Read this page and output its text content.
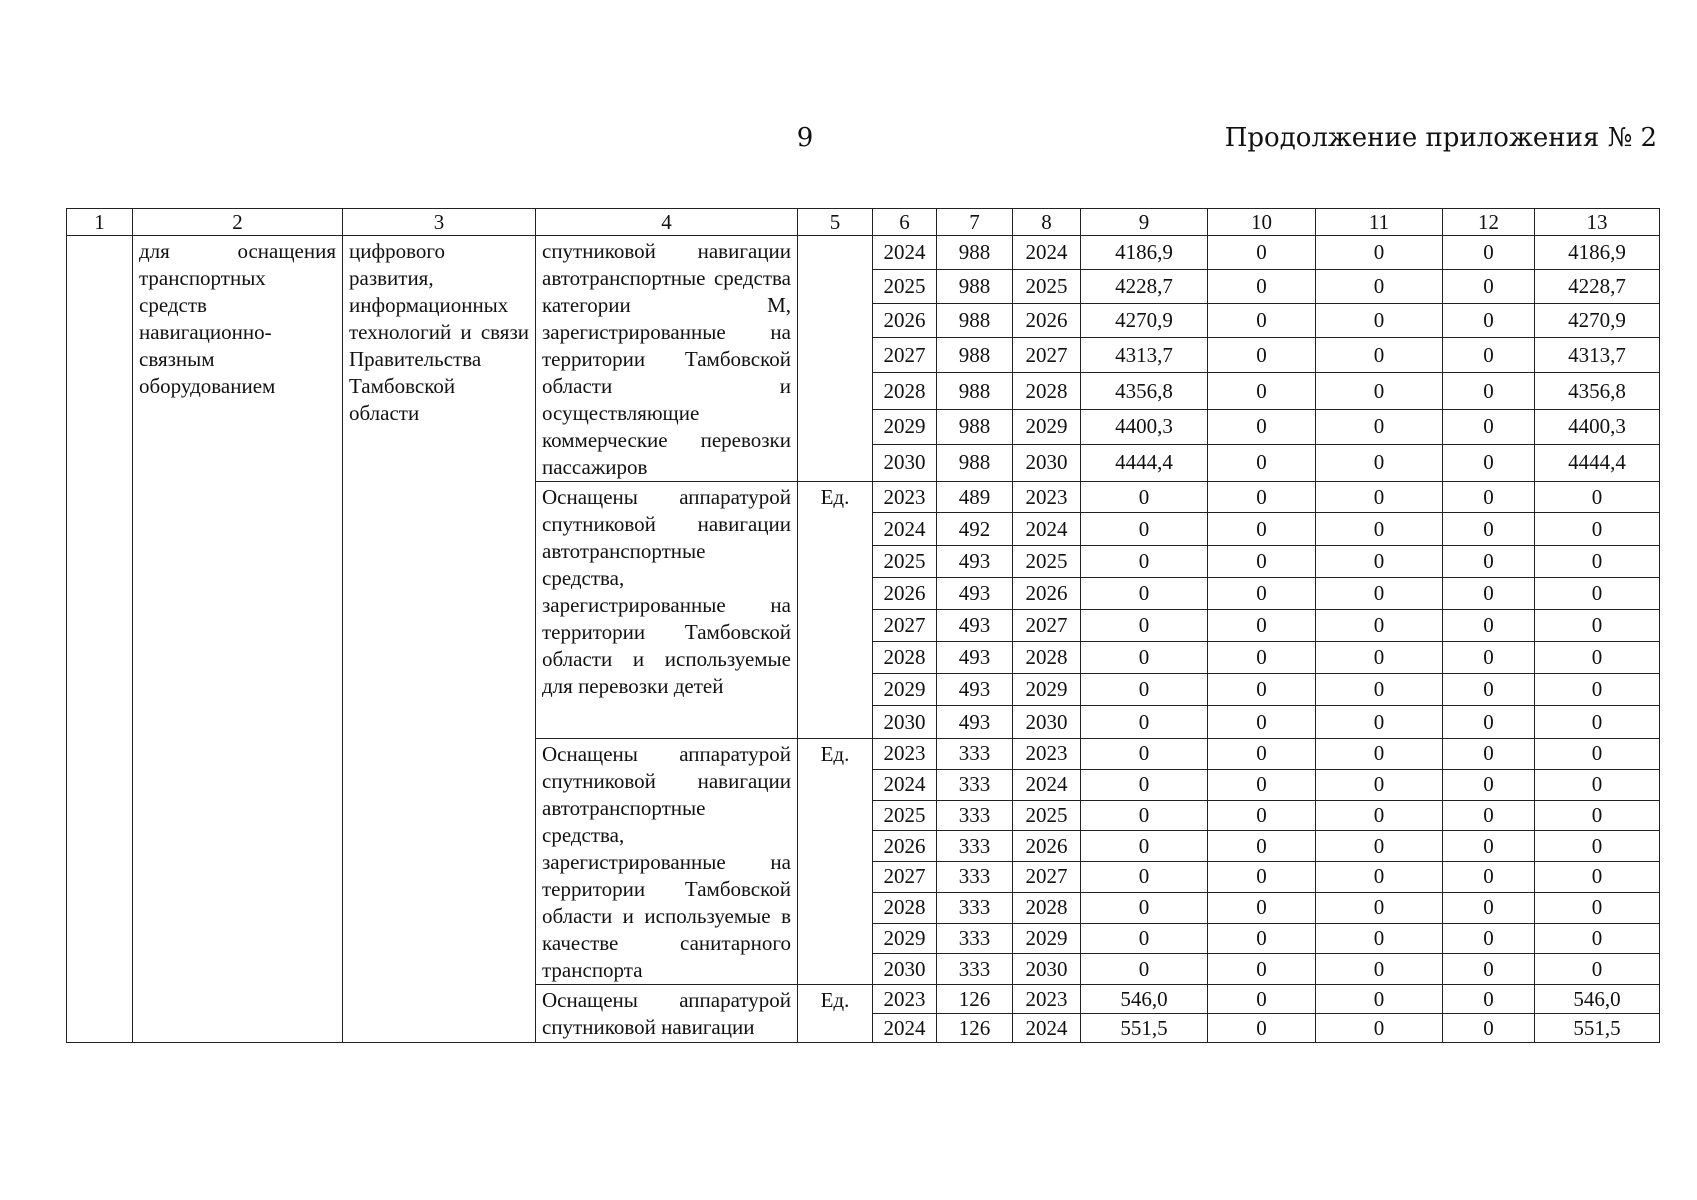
9	Продолжение приложения № 2
1	2	3	4	5	6	7	8	9	10	11	12	13
	для оснащения транспортных средств навигационно-связным оборудованием	цифрового развития, информационных технологий и связи Правительства Тамбовской области	спутниковой навигации автотранспортные средства категории М, зарегистрированные на территории Тамбовской области и осуществляющие коммерческие перевозки пассажиров		2024	988	2024	4186,9	0	0	0	4186,9
					2025	988	2025	4228,7	0	0	0	4228,7
					2026	988	2026	4270,9	0	0	0	4270,9
					2027	988	2027	4313,7	0	0	0	4313,7
					2028	988	2028	4356,8	0	0	0	4356,8
					2029	988	2029	4400,3	0	0	0	4400,3
					2030	988	2030	4444,4	0	0	0	4444,4
			Оснащены аппаратурой спутниковой навигации автотранспортные средства, зарегистрированные на территории Тамбовской области и используемые для перевозки детей	Ед.	2023	489	2023	0	0	0	0	0
					2024	492	2024	0	0	0	0	0
					2025	493	2025	0	0	0	0	0
					2026	493	2026	0	0	0	0	0
					2027	493	2027	0	0	0	0	0
					2028	493	2028	0	0	0	0	0
					2029	493	2029	0	0	0	0	0
					2030	493	2030	0	0	0	0	0
			Оснащены аппаратурой спутниковой навигации автотранспортные средства, зарегистрированные на территории Тамбовской области и используемые в качестве санитарного транспорта	Ед.	2023	333	2023	0	0	0	0	0
					2024	333	2024	0	0	0	0	0
					2025	333	2025	0	0	0	0	0
					2026	333	2026	0	0	0	0	0
					2027	333	2027	0	0	0	0	0
					2028	333	2028	0	0	0	0	0
					2029	333	2029	0	0	0	0	0
					2030	333	2030	0	0	0	0	0
			Оснащены аппаратурой спутниковой навигации	Ед.	2023	126	2023	546,0	0	0	0	546,0
					2024	126	2024	551,5	0	0	0	551,5
